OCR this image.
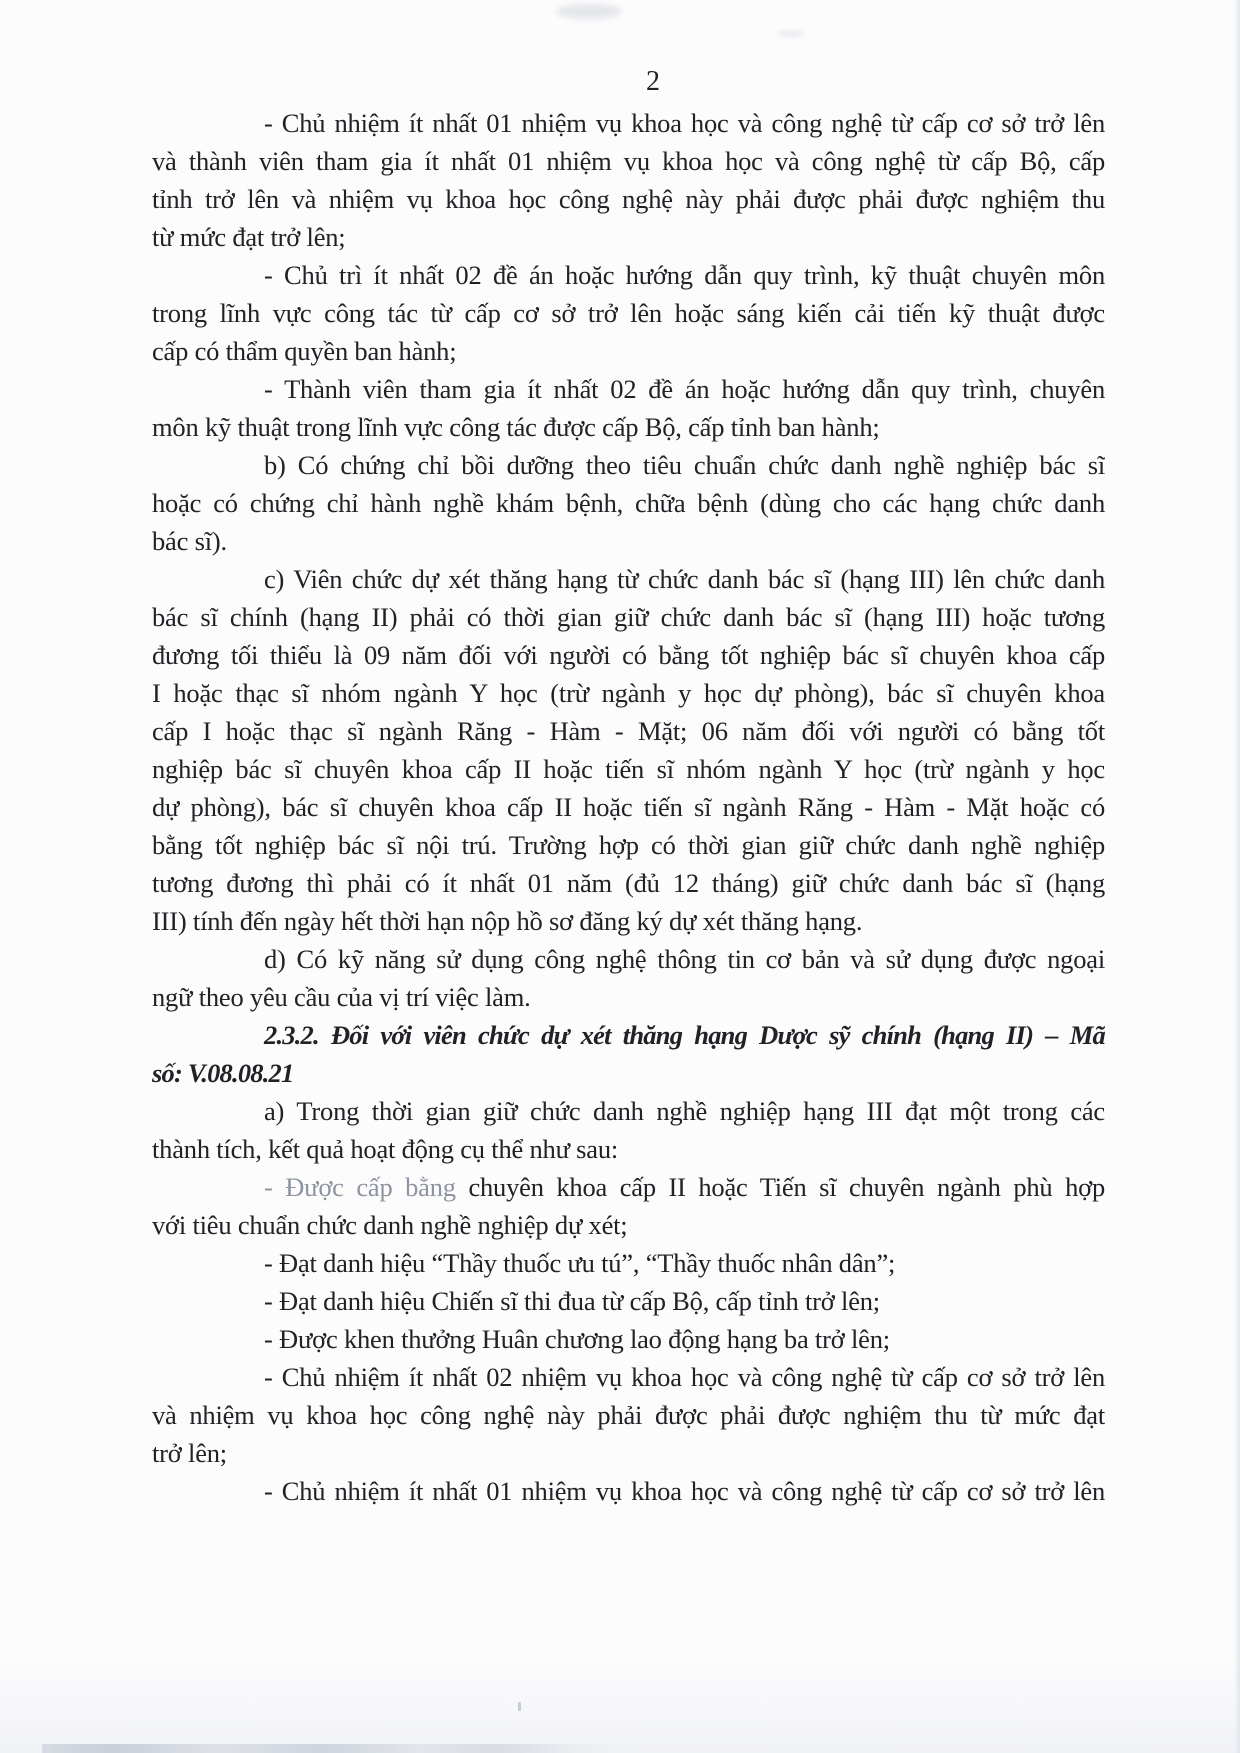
2
- Chủ nhiệm ít nhất 01 nhiệm vụ khoa học và công nghệ từ cấp cơ sở trở lên
và thành viên tham gia ít nhất 01 nhiệm vụ khoa học và công nghệ từ cấp Bộ, cấp
tỉnh trở lên và nhiệm vụ khoa học công nghệ này phải được phải được nghiệm thu
từ mức đạt trở lên;
- Chủ trì ít nhất 02 đề án hoặc hướng dẫn quy trình, kỹ thuật chuyên môn
trong lĩnh vực công tác từ cấp cơ sở trở lên hoặc sáng kiến cải tiến kỹ thuật được
cấp có thẩm quyền ban hành;
- Thành viên tham gia ít nhất 02 đề án hoặc hướng dẫn quy trình, chuyên
môn kỹ thuật trong lĩnh vực công tác được cấp Bộ, cấp tỉnh ban hành;
b) Có chứng chỉ bồi dưỡng theo tiêu chuẩn chức danh nghề nghiệp bác sĩ
hoặc có chứng chỉ hành nghề khám bệnh, chữa bệnh (dùng cho các hạng chức danh
bác sĩ).
c) Viên chức dự xét thăng hạng từ chức danh bác sĩ (hạng III) lên chức danh
bác sĩ chính (hạng II) phải có thời gian giữ chức danh bác sĩ (hạng III) hoặc tương
đương tối thiểu là 09 năm đối với người có bằng tốt nghiệp bác sĩ chuyên khoa cấp
I hoặc thạc sĩ nhóm ngành Y học (trừ ngành y học dự phòng), bác sĩ chuyên khoa
cấp I hoặc thạc sĩ ngành Răng - Hàm - Mặt; 06 năm đối với người có bằng tốt
nghiệp bác sĩ chuyên khoa cấp II hoặc tiến sĩ nhóm ngành Y học (trừ ngành y học
dự phòng), bác sĩ chuyên khoa cấp II hoặc tiến sĩ ngành Răng - Hàm - Mặt hoặc có
bằng tốt nghiệp bác sĩ nội trú. Trường hợp có thời gian giữ chức danh nghề nghiệp
tương đương thì phải có ít nhất 01 năm (đủ 12 tháng) giữ chức danh bác sĩ (hạng
III) tính đến ngày hết thời hạn nộp hồ sơ đăng ký dự xét thăng hạng.
d) Có kỹ năng sử dụng công nghệ thông tin cơ bản và sử dụng được ngoại
ngữ theo yêu cầu của vị trí việc làm.
2.3.2. Đối với viên chức dự xét thăng hạng Dược sỹ chính (hạng II) – Mã
số: V.08.08.21
a) Trong thời gian giữ chức danh nghề nghiệp hạng III đạt một trong các
thành tích, kết quả hoạt động cụ thể như sau:
- Được cấp bằng chuyên khoa cấp II hoặc Tiến sĩ chuyên ngành phù hợp
với tiêu chuẩn chức danh nghề nghiệp dự xét;
- Đạt danh hiệu “Thầy thuốc ưu tú”, “Thầy thuốc nhân dân”;
- Đạt danh hiệu Chiến sĩ thi đua từ cấp Bộ, cấp tỉnh trở lên;
- Được khen thưởng Huân chương lao động hạng ba trở lên;
- Chủ nhiệm ít nhất 02 nhiệm vụ khoa học và công nghệ từ cấp cơ sở trở lên
và nhiệm vụ khoa học công nghệ này phải được phải được nghiệm thu từ mức đạt
trở lên;
- Chủ nhiệm ít nhất 01 nhiệm vụ khoa học và công nghệ từ cấp cơ sở trở lên
